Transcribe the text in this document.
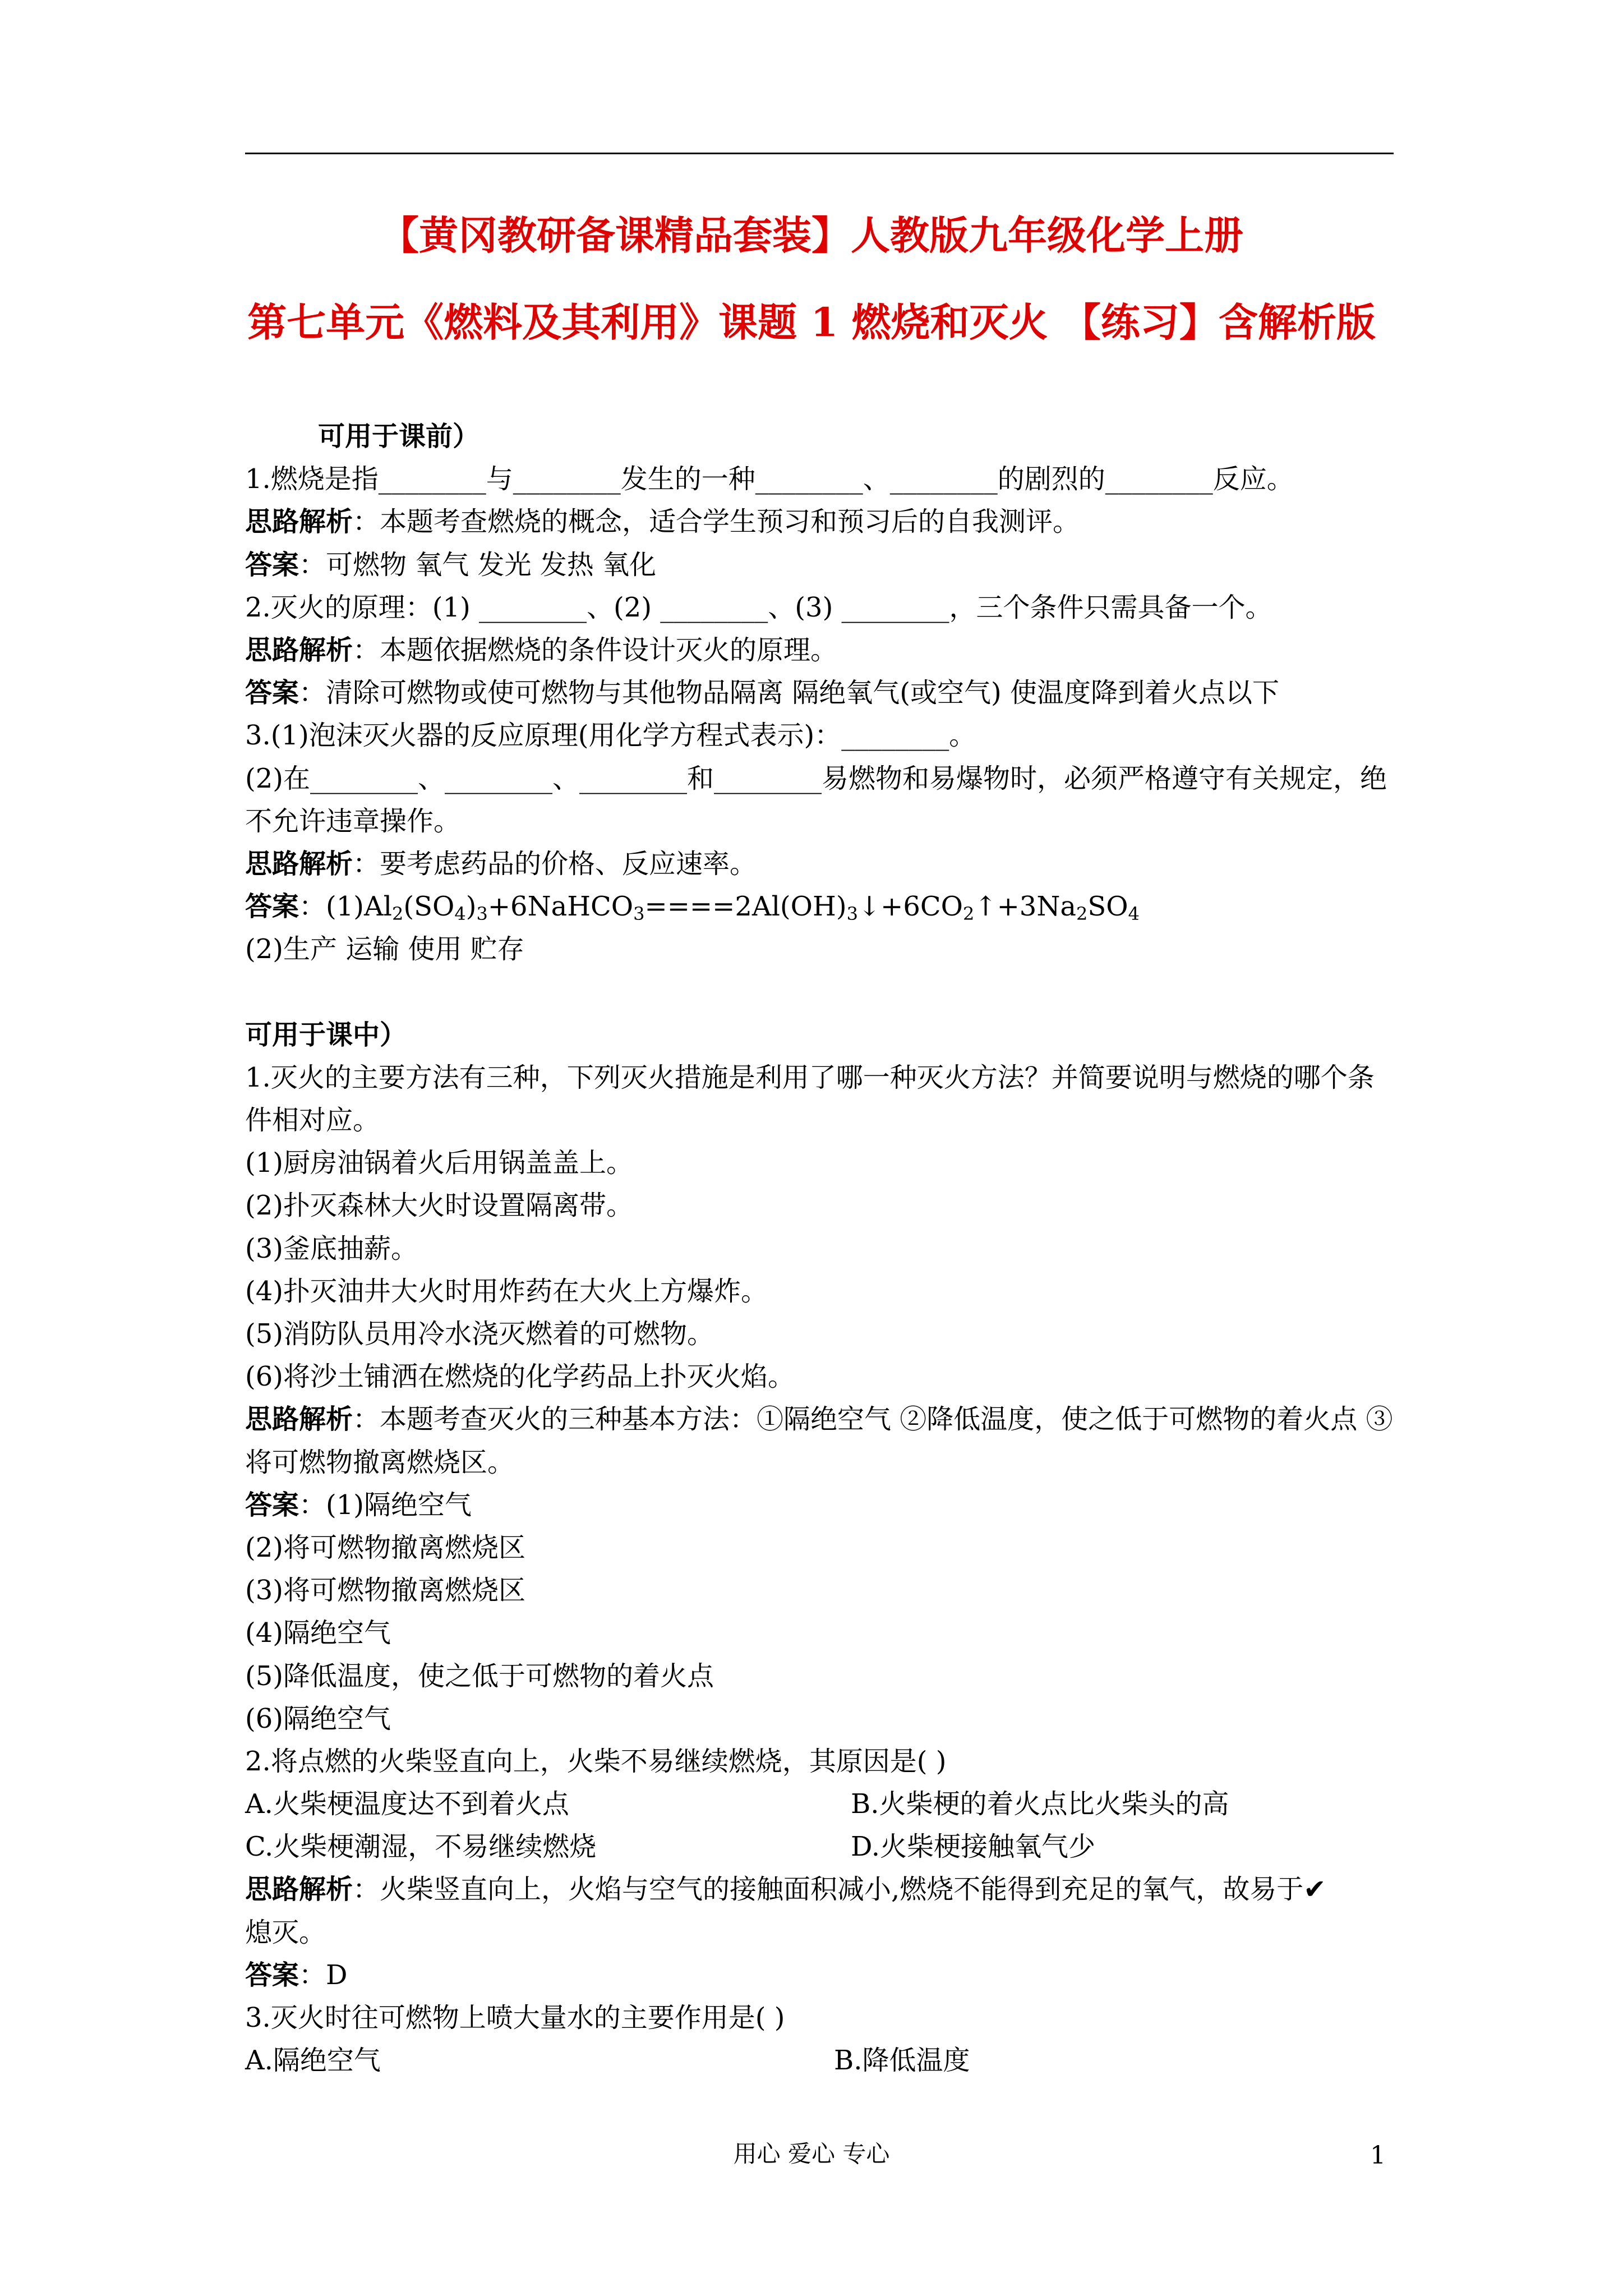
【黄冈教研备课精品套装】人教版九年级化学上册
第七单元《燃料及其利用》课题 1 燃烧和灭火 【练习】含解析版
可用于课前）
1.燃烧是指________与________发生的一种________、________的剧烈的________反应。
思路解析：本题考查燃烧的概念，适合学生预习和预习后的自我测评。
答案：可燃物 氧气 发光 发热 氧化
2.灭火的原理：(1) ________、(2) ________、(3) ________，三个条件只需具备一个。
思路解析：本题依据燃烧的条件设计灭火的原理。
答案：清除可燃物或使可燃物与其他物品隔离 隔绝氧气(或空气) 使温度降到着火点以下
3.(1)泡沫灭火器的反应原理(用化学方程式表示)：________。
(2)在________、________、________和________易燃物和易爆物时，必须严格遵守有关规定，绝不允许违章操作。
思路解析：要考虑药品的价格、反应速率。
答案：$(1)Al_2(SO_4)_3+6NaHCO_3====2Al(OH)_3↓+6CO_2↑+3Na_2SO_4$
(2)生产 运输 使用 贮存
可用于课中）
1.灭火的主要方法有三种，下列灭火措施是利用了哪一种灭火方法？并简要说明与燃烧的哪个条件相对应。
(1)厨房油锅着火后用锅盖盖上。
(2)扑灭森林大火时设置隔离带。
(3)釜底抽薪。
(4)扑灭油井大火时用炸药在大火上方爆炸。
(5)消防队员用冷水浇灭燃着的可燃物。
(6)将沙土铺洒在燃烧的化学药品上扑灭火焰。
思路解析：本题考查灭火的三种基本方法：①隔绝空气 ②降低温度，使之低于可燃物的着火点 ③将可燃物撤离燃烧区。
答案：(1)隔绝空气
(2)将可燃物撤离燃烧区
(3)将可燃物撤离燃烧区
(4)隔绝空气
(5)降低温度，使之低于可燃物的着火点
(6)隔绝空气
2.将点燃的火柴竖直向上，火柴不易继续燃烧，其原因是( )
A.火柴梗温度达不到着火点	B.火柴梗的着火点比火柴头的高
C.火柴梗潮湿，不易继续燃烧	D.火柴梗接触氧气少
思路解析：火柴竖直向上，火焰与空气的接触面积减小,燃烧不能得到充足的氧气，故易于✔
熄灭。
答案：D
3.灭火时往可燃物上喷大量水的主要作用是( )
A.隔绝空气	B.降低温度
用心 爱心 专心	1
